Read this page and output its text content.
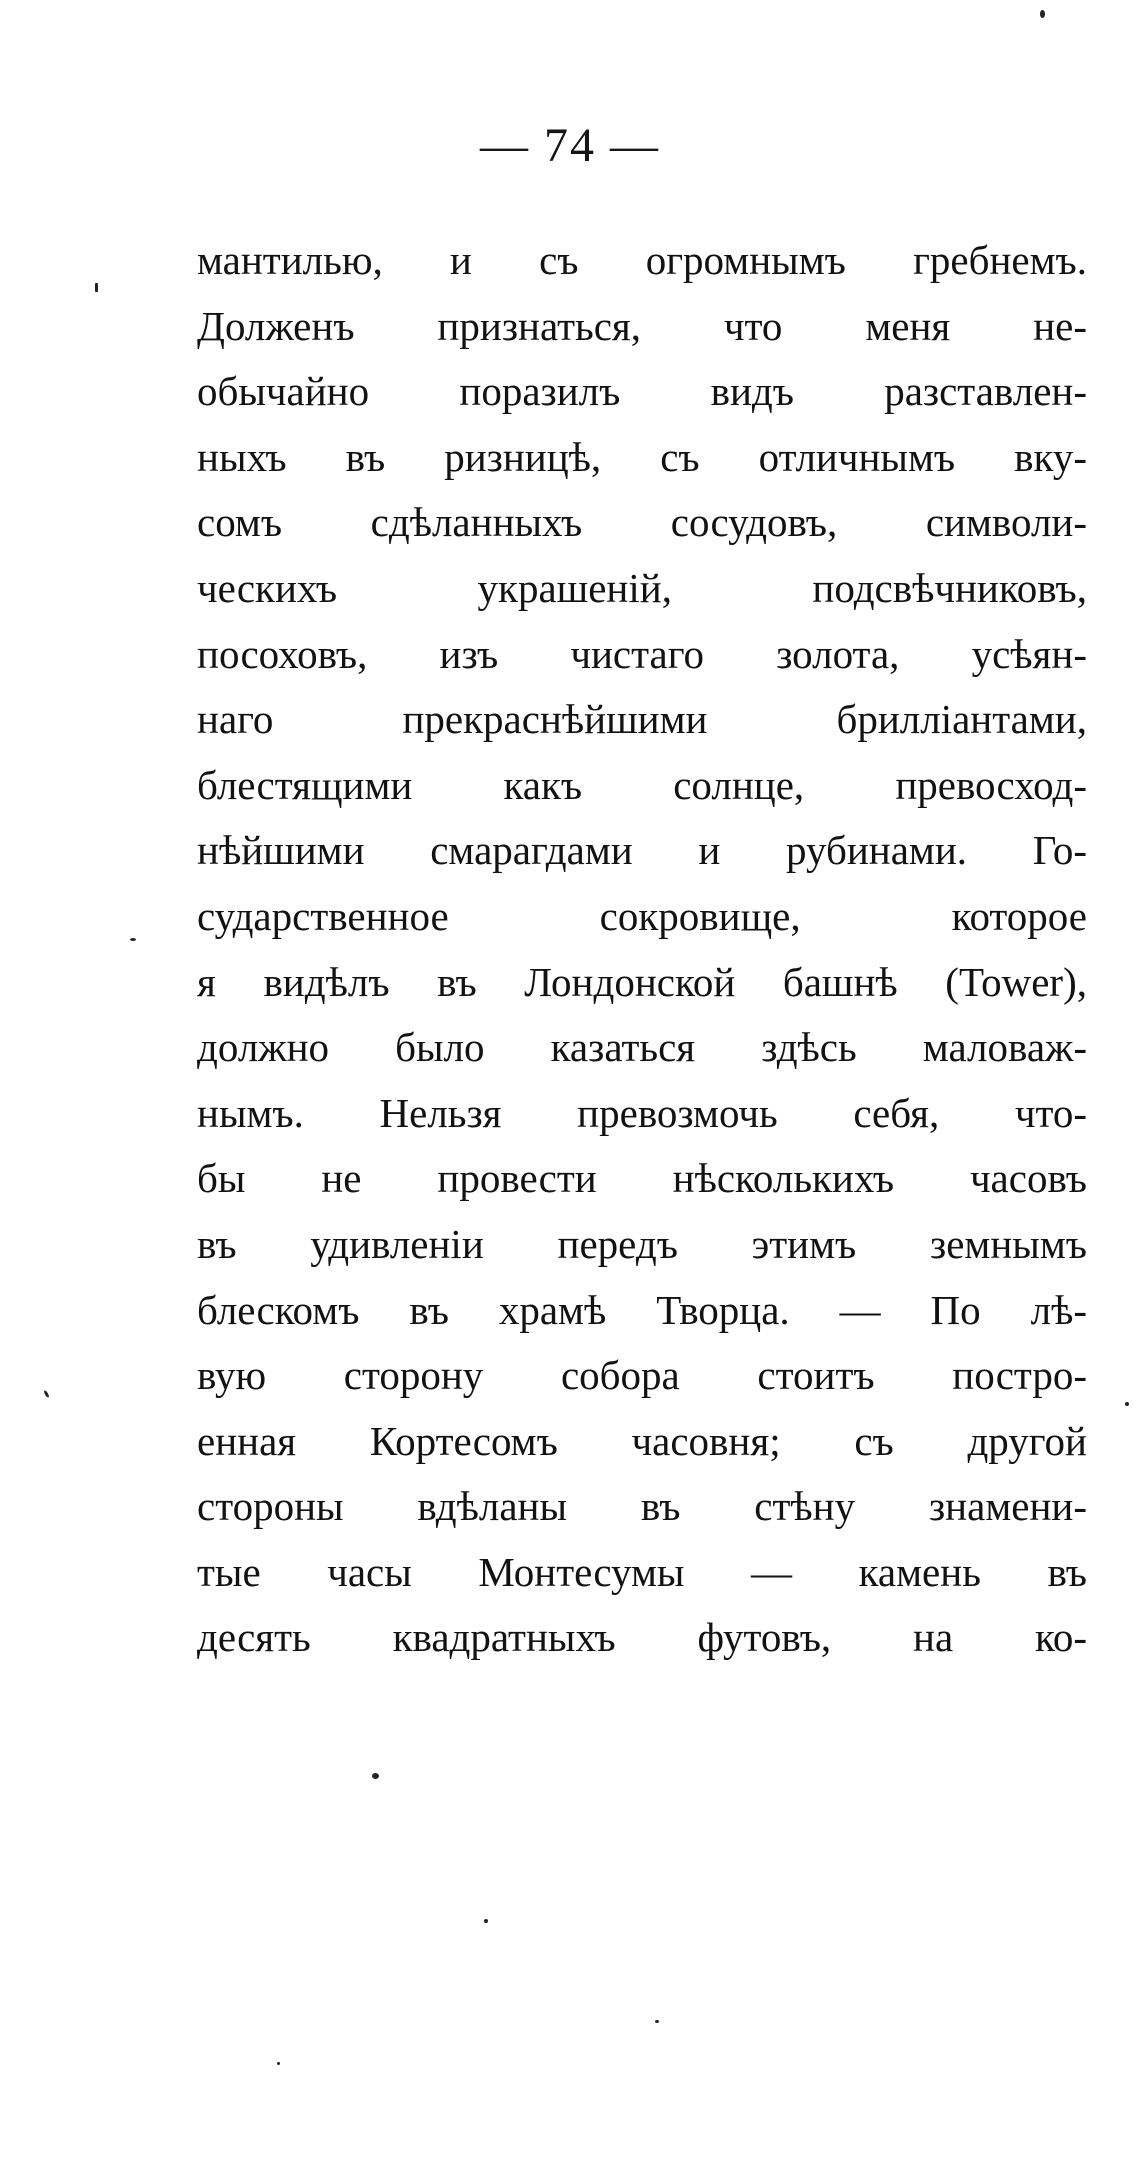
— 74 —
мантилью, и съ огромнымъ гребнемъ.
Долженъ признаться, что меня не-
обычайно поразилъ видъ разставлен-
ныхъ въ ризницѣ, съ отличнымъ вку-
сомъ сдѣланныхъ сосудовъ, символи-
ческихъ украшеній, подсвѣчниковъ,
посоховъ, изъ чистаго золота, усѣян-
наго прекраснѣйшими бриллiантами,
блестящими какъ солнце, превосход-
нѣйшими смарагдами и рубинами. Го-
сударственное сокровище, которое
я видѣлъ въ Лондонской башнѣ (Tower),
должно было казаться здѣсь маловаж-
нымъ. Нельзя превозмочь себя, что-
бы не провести нѣсколькихъ часовъ
въ удивленiи передъ этимъ земнымъ
блескомъ въ храмѣ Творца. — По лѣ-
вую сторону собора стоитъ постро-
енная Кортесомъ часовня; съ другой
стороны вдѣланы въ стѣну знамени-
тые часы Монтесумы — камень въ
десять квадратныхъ футовъ, на ко-
